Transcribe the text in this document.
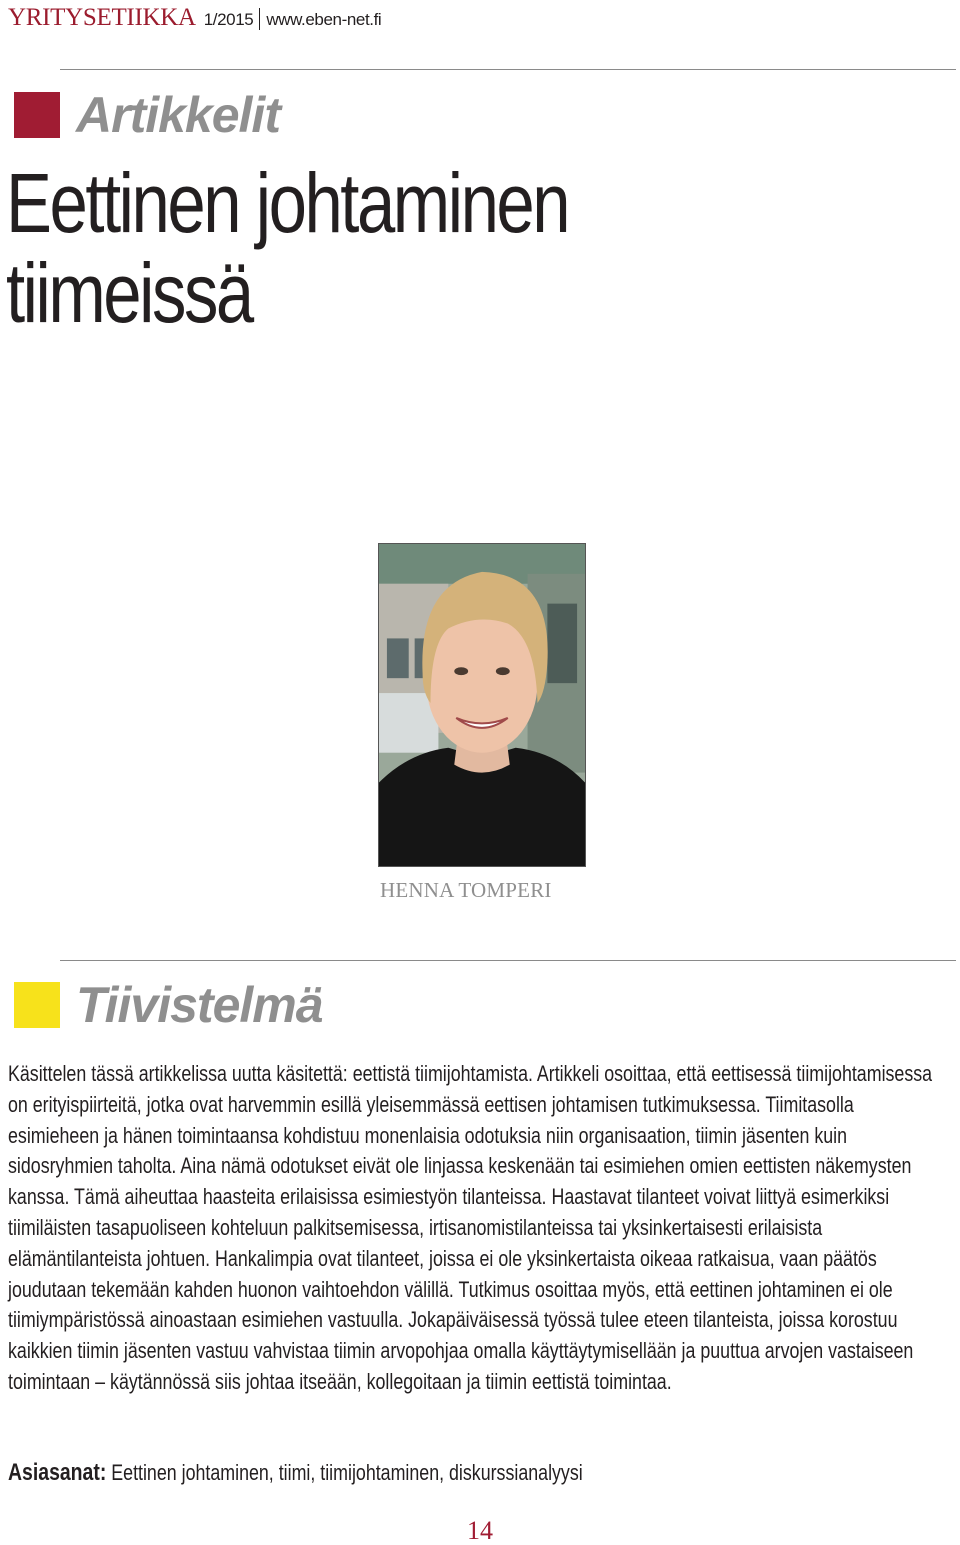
YRITYSETIIKKA 1/2015 www.eben-net.fi
Artikkelit
Eettinen johtaminen
tiimeissä
HENNA TOMPERI
Tiivistelmä
Käsittelen tässä artikkelissa uutta käsitettä: eettistä tiimijohtamista. Artikkeli osoittaa, että eettisessä tiimijohtamisessa on erityispiirteitä, jotka ovat harvemmin esillä yleisemmässä eettisen johtamisen tutkimuksessa. Tiimitasolla esimieheen ja hänen toimintaansa kohdistuu monenlaisia odotuksia niin organisaation, tiimin jäsenten kuin sidosryhmien taholta. Aina nämä odotukset eivät ole linjassa keskenään tai esimiehen omien eettisten näkemysten kanssa. Tämä aiheuttaa haasteita erilaisissa esimiestyön tilanteissa. Haastavat tilanteet voivat liittyä esimerkiksi tiimiläisten tasapuoliseen kohteluun palkitsemisessa, irtisanomistilanteissa tai yksinkertaisesti erilaisista elämäntilanteista johtuen. Hankalimpia ovat tilanteet, joissa ei ole yksinkertaista oikeaa ratkaisua, vaan päätös joudutaan tekemään kahden huonon vaihtoehdon välillä. Tutkimus osoittaa myös, että eettinen johtaminen ei ole tiimiympäristössä ainoastaan esimiehen vastuulla. Jokapäiväisessä työssä tulee eteen tilanteista, joissa korostuu kaikkien tiimin jäsenten vastuu vahvistaa tiimin arvopohjaa omalla käyttäytymisellään ja puuttua arvojen vastaiseen toimintaan – käytännössä siis johtaa itseään, kollegoitaan ja tiimin eettistä toimintaa.
Asiasanat: Eettinen johtaminen, tiimi, tiimijohtaminen, diskurssianalyysi
14
